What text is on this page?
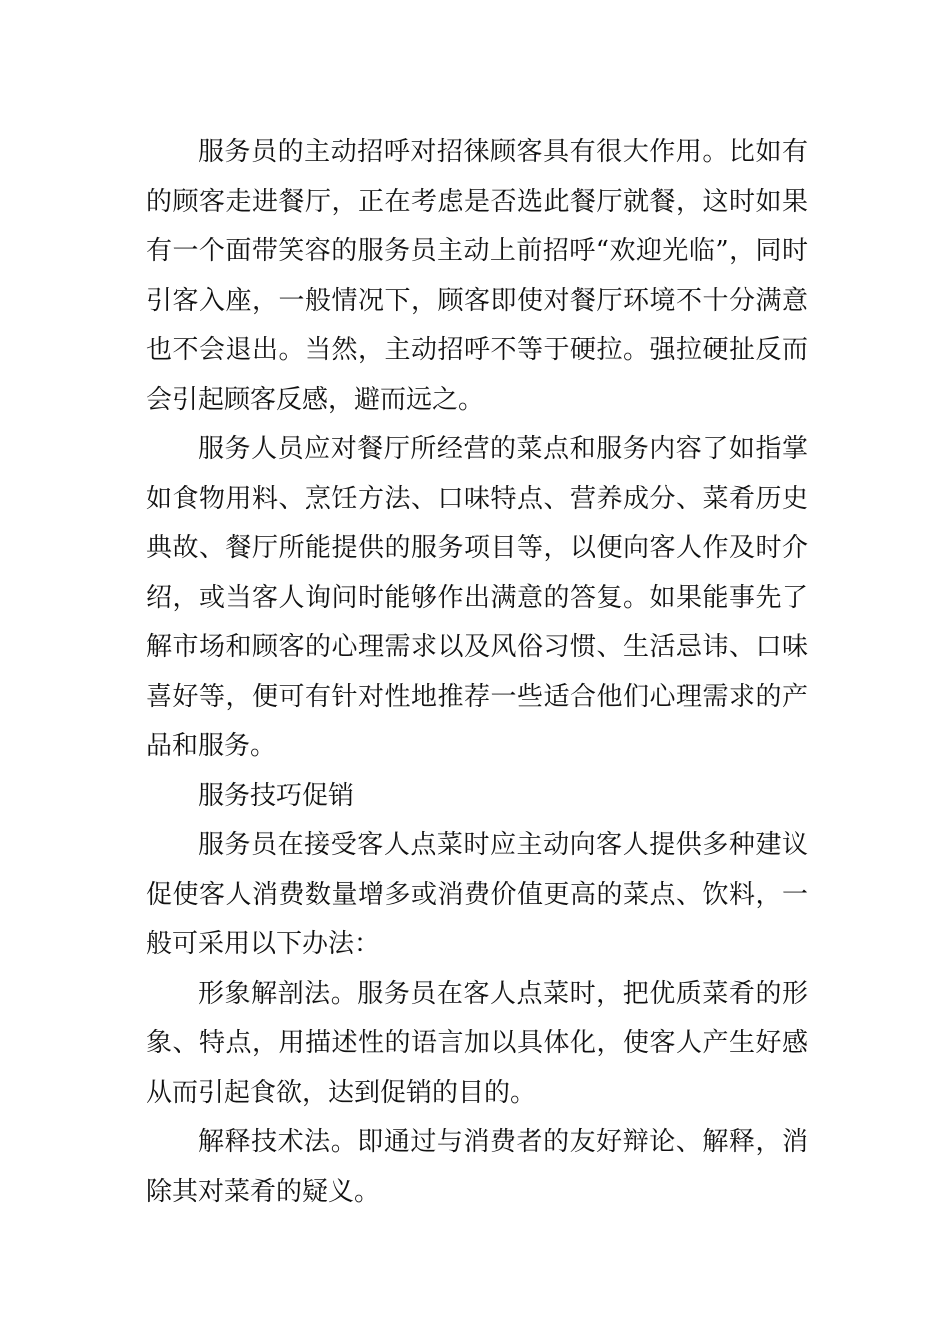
服务员的主动招呼对招徕顾客具有很大作用。比如有的顾客走进餐厅，正在考虑是否选此餐厅就餐，这时如果有一个面带笑容的服务员主动上前招呼“欢迎光临”，同时引客入座，一般情况下，顾客即使对餐厅环境不十分满意也不会退出。当然，主动招呼不等于硬拉。强拉硬扯反而会引起顾客反感，避而远之。

服务人员应对餐厅所经营的菜点和服务内容了如指掌如食物用料、烹饪方法、口味特点、营养成分、菜肴历史典故、餐厅所能提供的服务项目等，以便向客人作及时介绍，或当客人询问时能够作出满意的答复。如果能事先了解市场和顾客的心理需求以及风俗习惯、生活忌讳、口味喜好等，便可有针对性地推荐一些适合他们心理需求的产品和服务。

服务技巧促销

服务员在接受客人点菜时应主动向客人提供多种建议促使客人消费数量增多或消费价值更高的菜点、饮料，一般可采用以下办法：

形象解剖法。服务员在客人点菜时，把优质菜肴的形象、特点，用描述性的语言加以具体化，使客人产生好感从而引起食欲，达到促销的目的。

解释技术法。即通过与消费者的友好辩论、解释，消除其对菜肴的疑义。
